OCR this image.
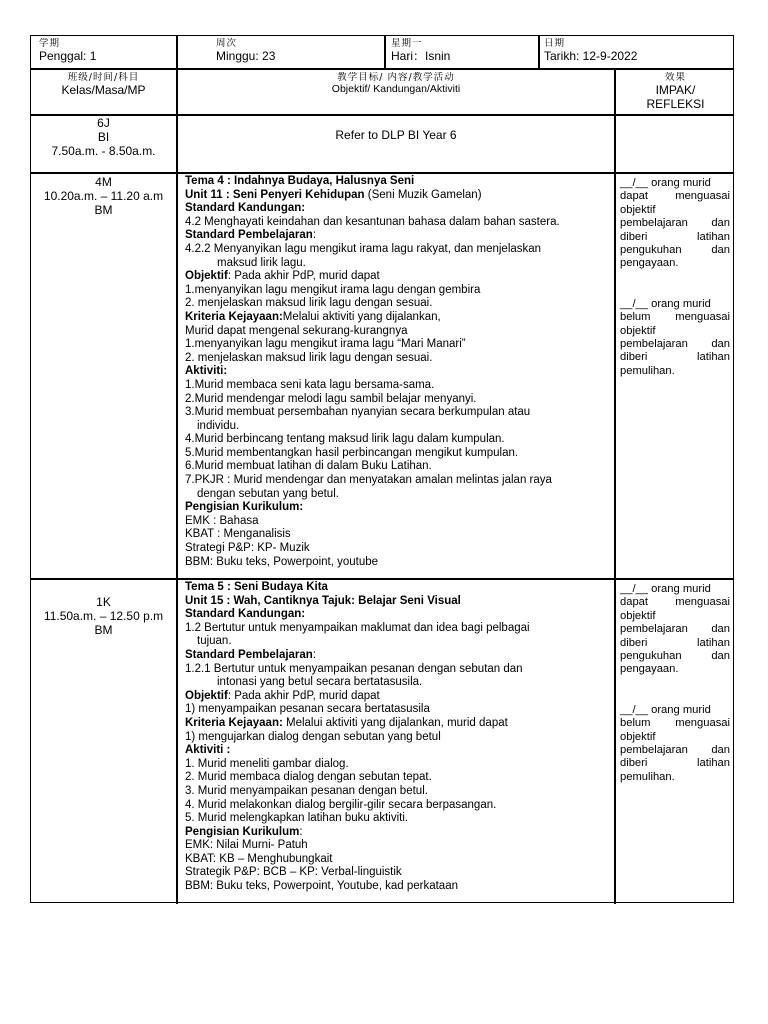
学期
Penggal: 1
周次
Minggu: 23
星期一
Hari：Isnin
日期
Tarikh: 12-9-2022
班级/时间/科目
Kelas/Masa/MP
教学目标/ 内容/教学活动
Objektif/ Kandungan/Aktiviti
效果
IMPAK/
REFLEKSI
6J
BI
7.50a.m. - 8.50a.m.
Refer to DLP BI Year 6
4M
10.20a.m. – 11.20 a.m
BM
Tema 4 : Indahnya Budaya, Halusnya Seni
Unit 11 : Seni Penyeri Kehidupan (Seni Muzik Gamelan)
Standard Kandungan:
4.2 Menghayati keindahan dan kesantunan bahasa dalam bahan sastera.
Standard Pembelajaran:
4.2.2 Menyanyikan lagu mengikut irama lagu rakyat, dan menjelaskan
maksud lirik lagu.
Objektif: Pada akhir PdP, murid dapat
1.menyanyikan lagu mengikut irama lagu dengan gembira
2. menjelaskan maksud lirik lagu dengan sesuai.
Kriteria Kejayaan:Melalui aktiviti yang dijalankan,
Murid dapat mengenal sekurang-kurangnya
1.menyanyikan lagu mengikut irama lagu “Mari Manari”
2. menjelaskan maksud lirik lagu dengan sesuai.
Aktiviti:
1.Murid membaca seni kata lagu bersama-sama.
2.Murid mendengar melodi lagu sambil belajar menyanyi.
3.Murid membuat persembahan nyanyian secara berkumpulan atau
individu.
4.Murid berbincang tentang maksud lirik lagu dalam kumpulan.
5.Murid membentangkan hasil perbincangan mengikut kumpulan.
6.Murid membuat latihan di dalam Buku Latihan.
7.PKJR : Murid mendengar dan menyatakan amalan melintas jalan raya
dengan sebutan yang betul.
Pengisian Kurikulum:
EMK : Bahasa
KBAT : Menganalisis
Strategi P&P: KP- Muzik
BBM: Buku teks, Powerpoint, youtube
__/__ orang murid
dapat menguasai
objektif
pembelajaran dan
diberi latihan
pengukuhan dan
pengayaan.
__/__ orang murid
belum menguasai
objektif
pembelajaran dan
diberi latihan
pemulihan.
1K
11.50a.m. – 12.50 p.m
BM
Tema 5 : Seni Budaya Kita
Unit 15 : Wah, Cantiknya Tajuk: Belajar Seni Visual
Standard Kandungan:
1.2 Bertutur untuk menyampaikan maklumat dan idea bagi pelbagai
tujuan.
Standard Pembelajaran:
1.2.1 Bertutur untuk menyampaikan pesanan dengan sebutan dan
intonasi yang betul secara bertatasusila.
Objektif: Pada akhir PdP, murid dapat
1) menyampaikan pesanan secara bertatasusila
Kriteria Kejayaan: Melalui aktiviti yang dijalankan, murid dapat
1) mengujarkan dialog dengan sebutan yang betul
Aktiviti :
1. Murid meneliti gambar dialog.
2. Murid membaca dialog dengan sebutan tepat.
3. Murid menyampaikan pesanan dengan betul.
4. Murid melakonkan dialog bergilir-gilir secara berpasangan.
5. Murid melengkapkan latihan buku aktiviti.
Pengisian Kurikulum:
EMK: Nilai Murni- Patuh
KBAT: KB – Menghubungkait
Strategik P&P: BCB – KP: Verbal-linguistik
BBM: Buku teks, Powerpoint, Youtube, kad perkataan
__/__ orang murid
dapat menguasai
objektif
pembelajaran dan
diberi latihan
pengukuhan dan
pengayaan.
__/__ orang murid
belum menguasai
objektif
pembelajaran dan
diberi latihan
pemulihan.
